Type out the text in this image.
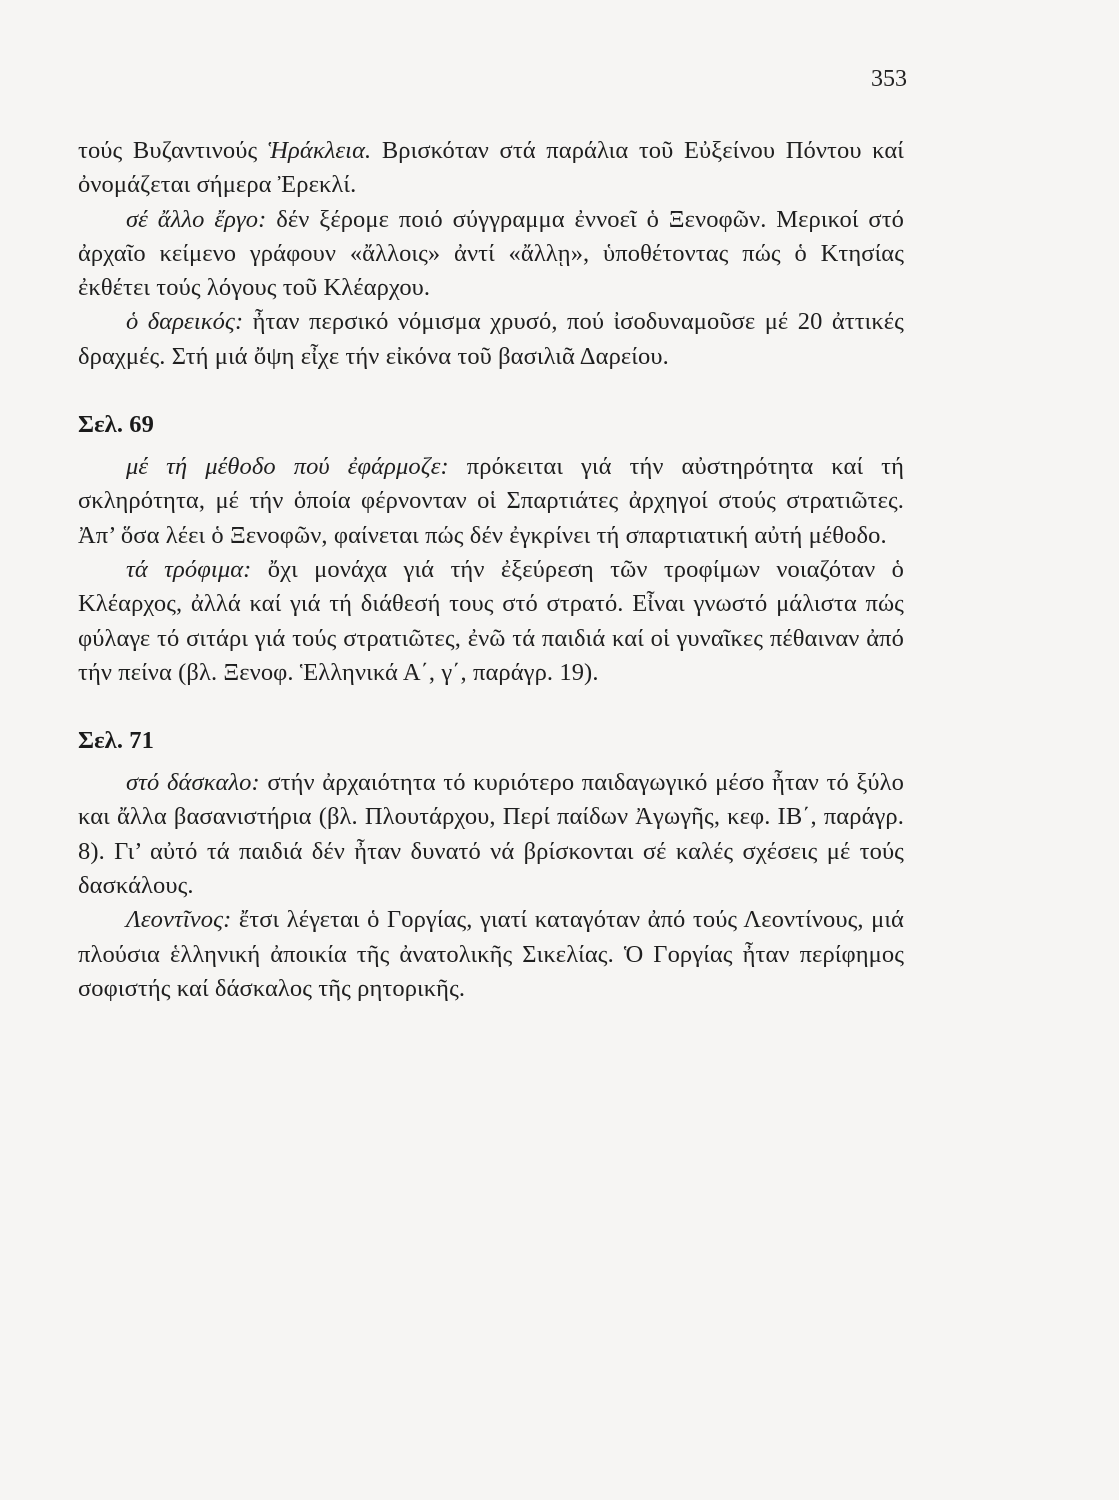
353

τούς Βυζαντινούς Ἡράκλεια. Βρισκόταν στά παράλια τοῦ Εὐξείνου Πόντου καί ὀνομάζεται σήμερα Ἐρεκλί.

σέ ἄλλο ἔργο: δέν ξέρομε ποιό σύγγραμμα ἐννοεῖ ὁ Ξενοφῶν. Μερικοί στό ἀρχαῖο κείμενο γράφουν «ἄλλοις» ἀντί «ἄλλῃ», ὑποθέτοντας πώς ὁ Κτησίας ἐκθέτει τούς λόγους τοῦ Κλέαρχου.

ὁ δαρεικός: ἦταν περσικό νόμισμα χρυσό, πού ἰσοδυναμοῦσε μέ 20 ἀττικές δραχμές. Στή μιά ὄψη εἶχε τήν εἰκόνα τοῦ βασιλιᾶ Δαρείου.

Σελ. 69

μέ τή μέθοδο πού ἐφάρμοζε: πρόκειται γιά τήν αὐστηρότητα καί τή σκληρότητα, μέ τήν ὁποία φέρνονταν οἱ Σπαρτιάτες ἀρχηγοί στούς στρατιῶτες. Ἀπ’ ὅσα λέει ὁ Ξενοφῶν, φαίνεται πώς δέν ἐγκρίνει τή σπαρτιατική αὐτή μέθοδο.

τά τρόφιμα: ὄχι μονάχα γιά τήν ἐξεύρεση τῶν τροφίμων νοιαζόταν ὁ Κλέαρχος, ἀλλά καί γιά τή διάθεσή τους στό στρατό. Εἶναι γνωστό μάλιστα πώς φύλαγε τό σιτάρι γιά τούς στρατιῶτες, ἐνῶ τά παιδιά καί οἱ γυναῖκες πέθαιναν ἀπό τήν πείνα (βλ. Ξενοφ. Ἑλληνικά Α΄, γ΄, παράγρ. 19).

Σελ. 71

στό δάσκαλο: στήν ἀρχαιότητα τό κυριότερο παιδαγωγικό μέσο ἦταν τό ξύλο και ἄλλα βασανιστήρια (βλ. Πλουτάρχου, Περί παίδων Ἀγωγῆς, κεφ. ΙΒ΄, παράγρ. 8). Γι’ αὐτό τά παιδιά δέν ἦταν δυνατό νά βρίσκονται σέ καλές σχέσεις μέ τούς δασκάλους.

Λεοντῖνος: ἔτσι λέγεται ὁ Γοργίας, γιατί καταγόταν ἀπό τούς Λεοντίνους, μιά πλούσια ἑλληνική ἀποικία τῆς ἀνατολικῆς Σικελίας. Ὁ Γοργίας ἦταν περίφημος σοφιστής καί δάσκαλος τῆς ρητορικῆς.
